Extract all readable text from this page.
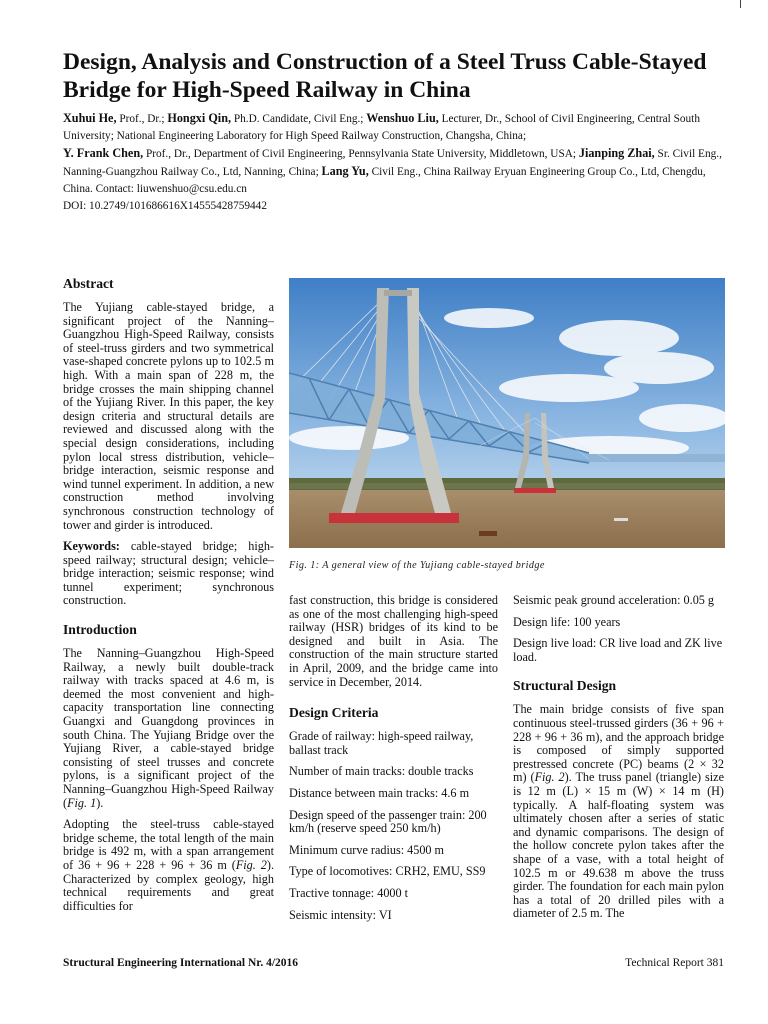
Design, Analysis and Construction of a Steel Truss Cable-Stayed Bridge for High-Speed Railway in China
Xuhui He, Prof., Dr.; Hongxi Qin, Ph.D. Candidate, Civil Eng.; Wenshuo Liu, Lecturer, Dr., School of Civil Engineering, Central South University; National Engineering Laboratory for High Speed Railway Construction, Changsha, China;
Y. Frank Chen, Prof., Dr., Department of Civil Engineering, Pennsylvania State University, Middletown, USA; Jianping Zhai, Sr. Civil Eng., Nanning-Guangzhou Railway Co., Ltd, Nanning, China; Lang Yu, Civil Eng., China Railway Eryuan Engineering Group Co., Ltd, Chengdu, China. Contact: liuwenshuo@csu.edu.cn
DOI: 10.2749/101686616X14555428759442
Abstract

The Yujiang cable-stayed bridge, a significant project of the Nanning–Guangzhou High-Speed Railway, consists of steel-truss girders and two symmetrical vase-shaped concrete pylons up to 102.5 m high. With a main span of 228 m, the bridge crosses the main shipping channel of the Yujiang River. In this paper, the key design criteria and structural details are reviewed and discussed along with the special design considerations, including pylon local stress distribution, vehicle–bridge interaction, seismic response and wind tunnel experiment. In addition, a new construction method involving synchronous construction technology of tower and girder is introduced.

Keywords: cable-stayed bridge; high-speed railway; structural design; vehicle–bridge interaction; seismic response; wind tunnel experiment; synchronous construction.

Introduction

The Nanning–Guangzhou High-Speed Railway, a newly built double-track railway with tracks spaced at 4.6 m, is deemed the most convenient and high-capacity transportation line connecting Guangxi and Guangdong provinces in south China. The Yujiang Bridge over the Yujiang River, a cable-stayed bridge consisting of steel trusses and concrete pylons, is a significant project of the Nanning–Guangzhou High-Speed Railway (Fig. 1).

Adopting the steel-truss cable-stayed bridge scheme, the total length of the main bridge is 492 m, with a span arrangement of 36 + 96 + 228 + 96 + 36 m (Fig. 2). Characterized by complex geology, high technical requirements and great difficulties for

Fig. 1: A general view of the Yujiang cable-stayed bridge

fast construction, this bridge is considered as one of the most challenging high-speed railway (HSR) bridges of its kind to be designed and built in Asia. The construction of the main structure started in April, 2009, and the bridge came into service in December, 2014.

Design Criteria

Grade of railway: high-speed railway, ballast track

Number of main tracks: double tracks

Distance between main tracks: 4.6 m

Design speed of the passenger train: 200 km/h (reserve speed 250 km/h)

Minimum curve radius: 4500 m

Type of locomotives: CRH2, EMU, SS9

Tractive tonnage: 4000 t

Seismic intensity: VI

Seismic peak ground acceleration: 0.05 g

Design life: 100 years

Design live load: CR live load and ZK live load.

Structural Design

The main bridge consists of five span continuous steel-trussed girders (36 + 96 + 228 + 96 + 36 m), and the approach bridge is composed of simply supported prestressed concrete (PC) beams (2 × 32 m) (Fig. 2). The truss panel (triangle) size is 12 m (L) × 15 m (W) × 14 m (H) typically. A half-floating system was ultimately chosen after a series of static and dynamic comparisons. The design of the hollow concrete pylon takes after the shape of a vase, with a total height of 102.5 m or 49.638 m above the truss girder. The foundation for each main pylon has a total of 20 drilled piles with a diameter of 2.5 m. The

Structural Engineering International Nr. 4/2016	Technical Report 381
